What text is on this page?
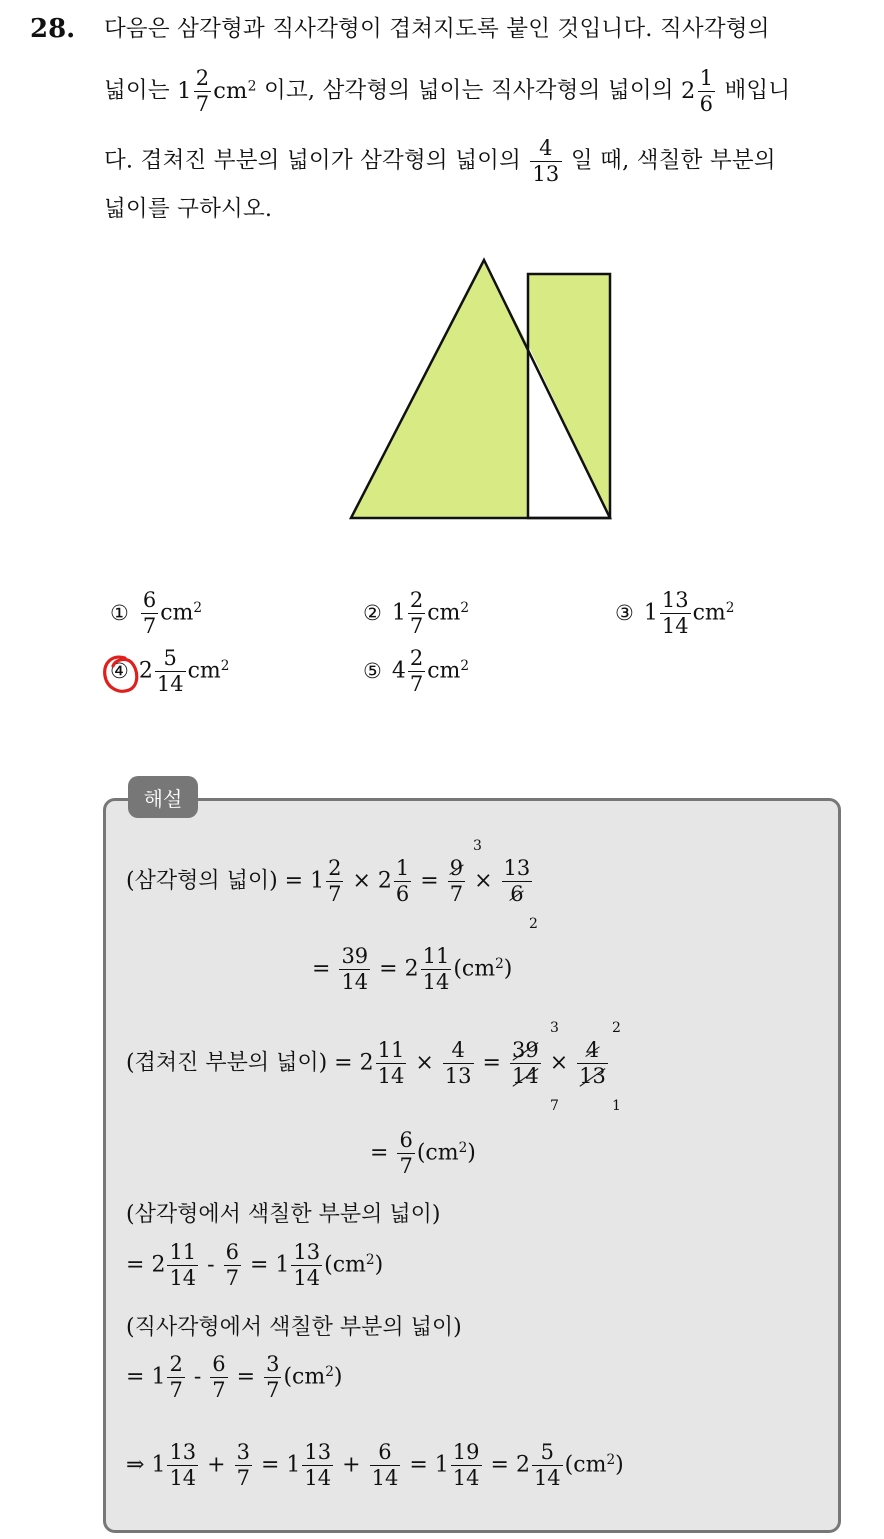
28. 다음은 삼각형과 직사각형이 겹쳐지도록 붙인 것입니다. 직사각형의
넓이는 $1 \frac{2}{7} cm^2$ 이고, 삼각형의 넓이는 직사각형의 넓이의 $2 \frac{1}{6}$ 배입니
다. 겹쳐진 부분의 넓이가 삼각형의 넓이의 $\frac{4}{13}$ 일 때, 색칠한 부분의
넓이를 구하시오.
① $\frac{6}{7} cm^2$	② $1 \frac{2}{7} cm^2$	③ $1 \frac{13}{14} cm^2$
④ $2 \frac{5}{14} cm^2$	⑤ $4 \frac{2}{7} cm^2$
해설
(삼각형의 넓이) = $1 \frac{2}{7} \times 2 \frac{1}{6} = \frac{9}{7} \times \frac{13}{6}$
3
2
= $\frac{39}{14} = 2 \frac{11}{14} (cm^2)$
(겹쳐진 부분의 넓이) = $2 \frac{11}{14} \times \frac{4}{13} = \frac{39}{14} \times \frac{4}{13}$
3	2
7	1
= $\frac{6}{7} (cm^2)$
(삼각형에서 색칠한 부분의 넓이)
= $2 \frac{11}{14} - \frac{6}{7} = 1 \frac{13}{14} (cm^2)$
(직사각형에서 색칠한 부분의 넓이)
= $1 \frac{2}{7} - \frac{6}{7} = \frac{3}{7} (cm^2)$
⇒ $1 \frac{13}{14} + \frac{3}{7} = 1 \frac{13}{14} + \frac{6}{14} = 1 \frac{19}{14} = 2 \frac{5}{14} (cm^2)$
